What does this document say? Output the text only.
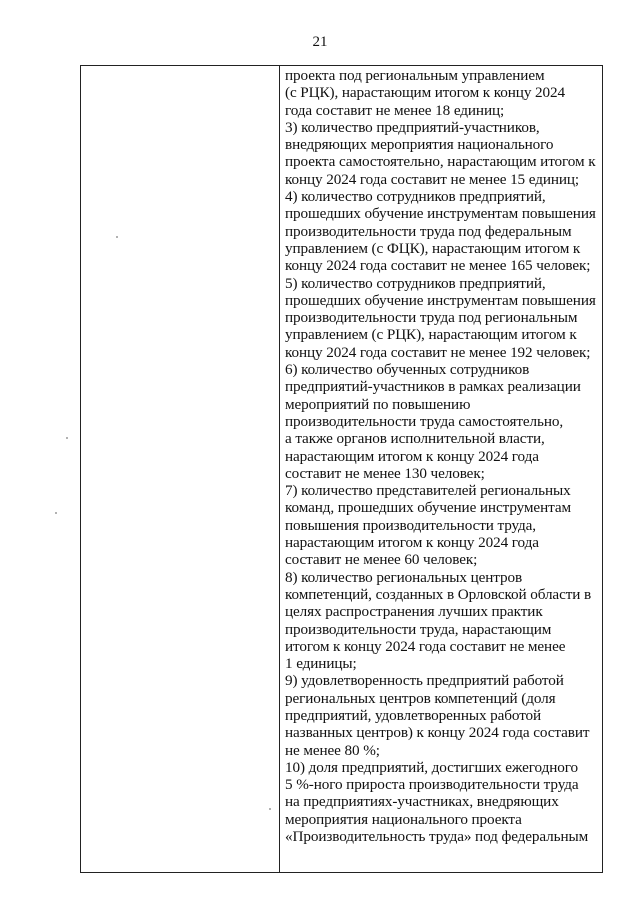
21
проекта под региональным управлением
(с РЦК), нарастающим итогом к концу 2024
года составит не менее 18 единиц;
3) количество предприятий-участников,
внедряющих мероприятия национального
проекта самостоятельно, нарастающим итогом к
концу 2024 года составит не менее 15 единиц;
4) количество сотрудников предприятий,
прошедших обучение инструментам повышения
производительности труда под федеральным
управлением (с ФЦК), нарастающим итогом к
концу 2024 года составит не менее 165 человек;
5) количество сотрудников предприятий,
прошедших обучение инструментам повышения
производительности труда под региональным
управлением (с РЦК), нарастающим итогом к
концу 2024 года составит не менее 192 человек;
6) количество обученных сотрудников
предприятий-участников в рамках реализации
мероприятий по повышению
производительности труда самостоятельно,
а также органов исполнительной власти,
нарастающим итогом к концу 2024 года
составит не менее 130 человек;
7) количество представителей региональных
команд, прошедших обучение инструментам
повышения производительности труда,
нарастающим итогом к концу 2024 года
составит не менее 60 человек;
8) количество региональных центров
компетенций, созданных в Орловской области в
целях распространения лучших практик
производительности труда, нарастающим
итогом к концу 2024 года составит не менее
1 единицы;
9) удовлетворенность предприятий работой
региональных центров компетенций (доля
предприятий, удовлетворенных работой
названных центров) к концу 2024 года составит
не менее 80 %;
10) доля предприятий, достигших ежегодного
5 %-ного прироста производительности труда
на предприятиях-участниках, внедряющих
мероприятия национального проекта
«Производительность труда» под федеральным
